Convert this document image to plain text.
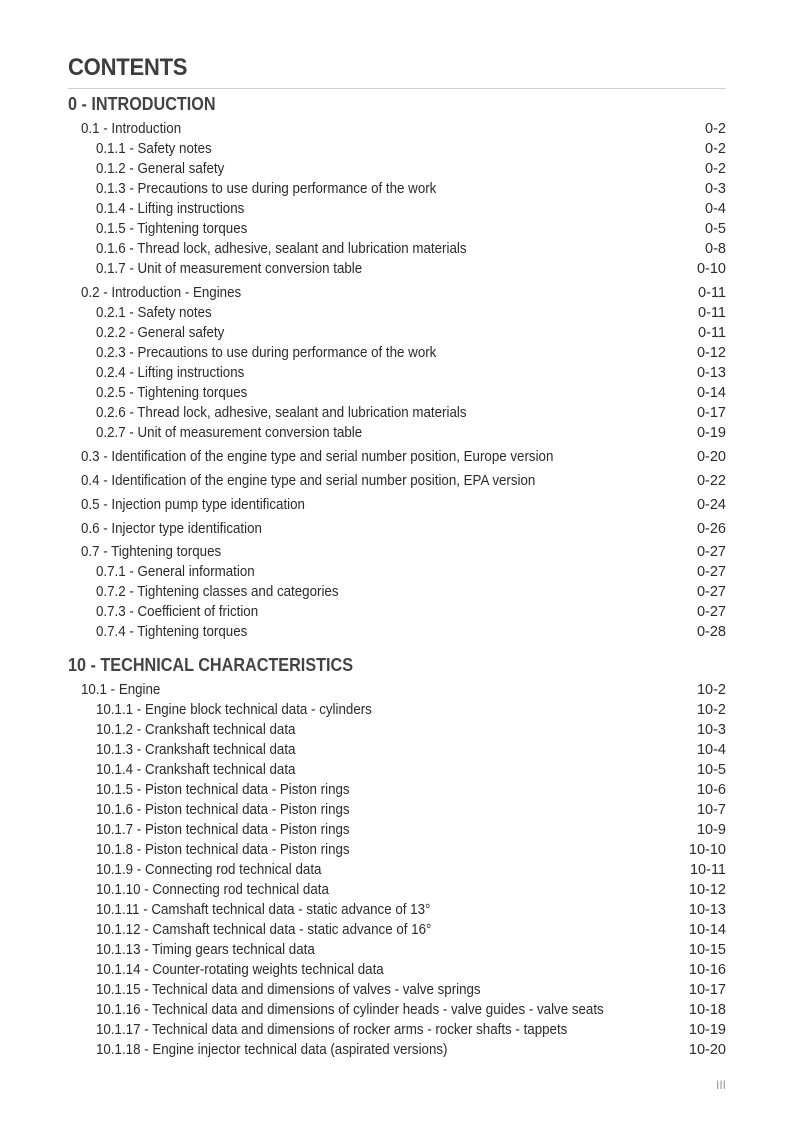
CONTENTS
0 - INTRODUCTION
0.1 - Introduction	0-2
0.1.1 - Safety notes	0-2
0.1.2 - General safety	0-2
0.1.3 - Precautions to use during performance of the work	0-3
0.1.4 - Lifting instructions	0-4
0.1.5 - Tightening torques	0-5
0.1.6 - Thread lock, adhesive, sealant and lubrication materials	0-8
0.1.7 - Unit of measurement conversion table	0-10
0.2 - Introduction - Engines	0-11
0.2.1 - Safety notes	0-11
0.2.2 - General safety	0-11
0.2.3 - Precautions to use during performance of the work	0-12
0.2.4 - Lifting instructions	0-13
0.2.5 - Tightening torques	0-14
0.2.6 - Thread lock, adhesive, sealant and lubrication materials	0-17
0.2.7 - Unit of measurement conversion table	0-19
0.3 - Identification of the engine type and serial number position, Europe version	0-20
0.4 - Identification of the engine type and serial number position, EPA version	0-22
0.5 - Injection pump type identification	0-24
0.6 - Injector type identification	0-26
0.7 - Tightening torques	0-27
0.7.1 - General information	0-27
0.7.2 - Tightening classes and categories	0-27
0.7.3 - Coefficient of friction	0-27
0.7.4 - Tightening torques	0-28
10 - TECHNICAL CHARACTERISTICS
10.1 - Engine	10-2
10.1.1 - Engine block technical data - cylinders	10-2
10.1.2 - Crankshaft technical data	10-3
10.1.3 - Crankshaft technical data	10-4
10.1.4 - Crankshaft technical data	10-5
10.1.5 - Piston technical data - Piston rings	10-6
10.1.6 - Piston technical data - Piston rings	10-7
10.1.7 - Piston technical data - Piston rings	10-9
10.1.8 - Piston technical data - Piston rings	10-10
10.1.9 - Connecting rod technical data	10-11
10.1.10 - Connecting rod technical data	10-12
10.1.11 - Camshaft technical data - static advance of 13°	10-13
10.1.12 - Camshaft technical data - static advance of 16°	10-14
10.1.13 - Timing gears technical data	10-15
10.1.14 - Counter-rotating weights technical data	10-16
10.1.15 - Technical data and dimensions of valves - valve springs	10-17
10.1.16 - Technical data and dimensions of cylinder heads - valve guides - valve seats	10-18
10.1.17 - Technical data and dimensions of rocker arms - rocker shafts - tappets	10-19
10.1.18 - Engine injector technical data (aspirated versions)	10-20
III
